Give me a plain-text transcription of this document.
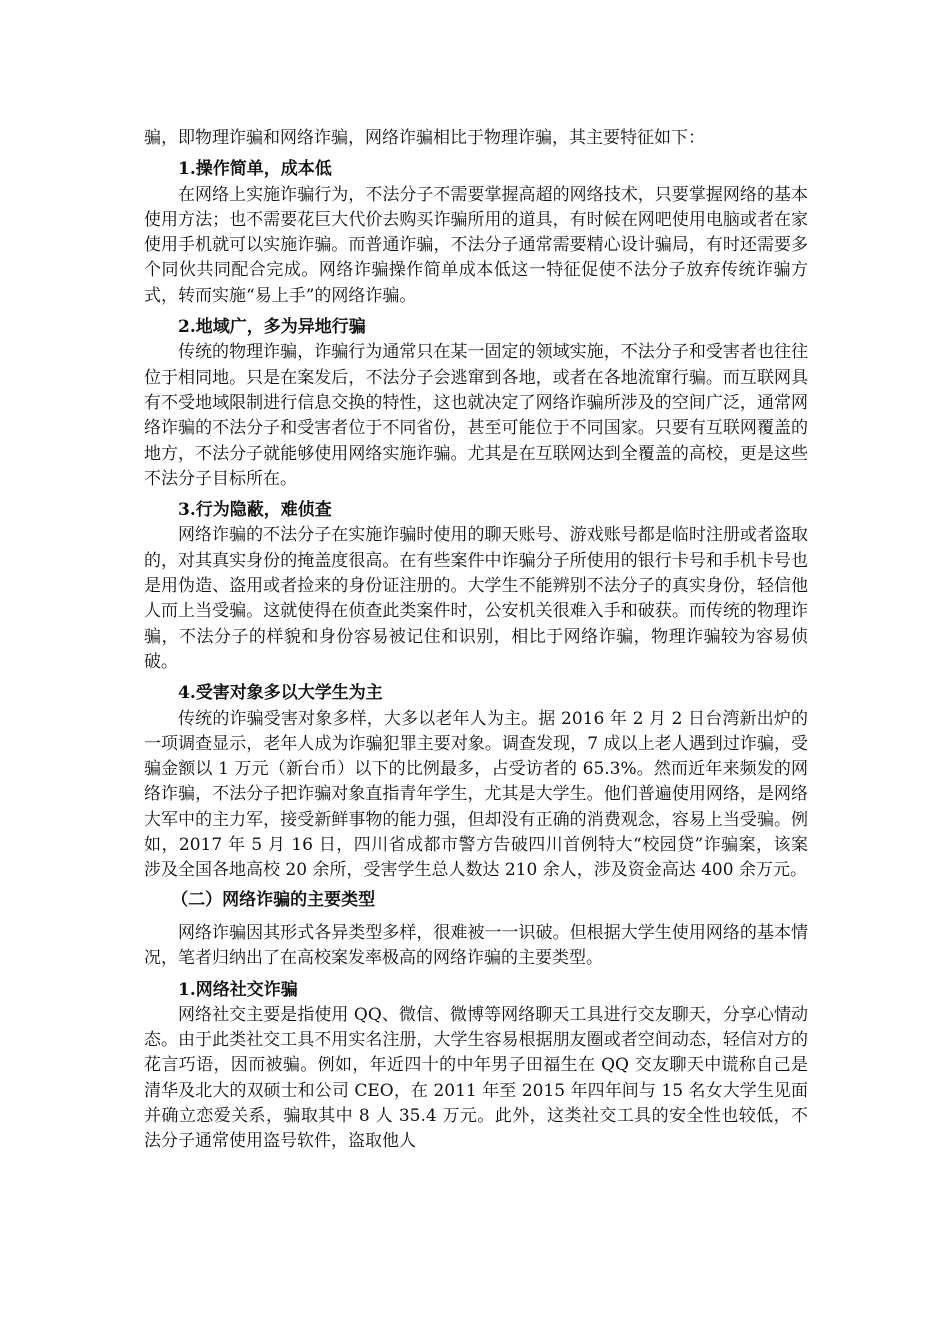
骗，即物理诈骗和网络诈骗，网络诈骗相比于物理诈骗，其主要特征如下：

1.操作简单，成本低

在网络上实施诈骗行为，不法分子不需要掌握高超的网络技术，只要掌握网络的基本使用方法；也不需要花巨大代价去购买诈骗所用的道具，有时候在网吧使用电脑或者在家使用手机就可以实施诈骗。而普通诈骗，不法分子通常需要精心设计骗局，有时还需要多个同伙共同配合完成。网络诈骗操作简单成本低这一特征促使不法分子放弃传统诈骗方式，转而实施“易上手”的网络诈骗。

2.地域广，多为异地行骗

传统的物理诈骗，诈骗行为通常只在某一固定的领域实施，不法分子和受害者也往往位于相同地。只是在案发后，不法分子会逃窜到各地，或者在各地流窜行骗。而互联网具有不受地域限制进行信息交换的特性，这也就决定了网络诈骗所涉及的空间广泛，通常网络诈骗的不法分子和受害者位于不同省份，甚至可能位于不同国家。只要有互联网覆盖的地方，不法分子就能够使用网络实施诈骗。尤其是在互联网达到全覆盖的高校，更是这些不法分子目标所在。

3.行为隐蔽，难侦查

网络诈骗的不法分子在实施诈骗时使用的聊天账号、游戏账号都是临时注册或者盗取的，对其真实身份的掩盖度很高。在有些案件中诈骗分子所使用的银行卡号和手机卡号也是用伪造、盗用或者捡来的身份证注册的。大学生不能辨别不法分子的真实身份，轻信他人而上当受骗。这就使得在侦查此类案件时，公安机关很难入手和破获。而传统的物理诈骗，不法分子的样貌和身份容易被记住和识别，相比于网络诈骗，物理诈骗较为容易侦破。

4.受害对象多以大学生为主

传统的诈骗受害对象多样，大多以老年人为主。据 2016 年 2 月 2 日台湾新出炉的一项调查显示，老年人成为诈骗犯罪主要对象。调查发现，7 成以上老人遇到过诈骗，受骗金额以 1 万元（新台币）以下的比例最多，占受访者的 65.3%。然而近年来频发的网络诈骗，不法分子把诈骗对象直指青年学生，尤其是大学生。他们普遍使用网络，是网络大军中的主力军，接受新鲜事物的能力强，但却没有正确的消费观念，容易上当受骗。例如，2017 年 5 月 16 日，四川省成都市警方告破四川首例特大“校园贷”诈骗案，该案涉及全国各地高校 20 余所，受害学生总人数达 210 余人，涉及资金高达 400 余万元。

（二）网络诈骗的主要类型

网络诈骗因其形式各异类型多样，很难被一一识破。但根据大学生使用网络的基本情况，笔者归纳出了在高校案发率极高的网络诈骗的主要类型。

1.网络社交诈骗

网络社交主要是指使用 QQ、微信、微博等网络聊天工具进行交友聊天，分享心情动态。由于此类社交工具不用实名注册，大学生容易根据朋友圈或者空间动态，轻信对方的花言巧语，因而被骗。例如，年近四十的中年男子田福生在 QQ 交友聊天中谎称自己是清华及北大的双硕士和公司 CEO，在 2011 年至 2015 年四年间与 15 名女大学生见面并确立恋爱关系，骗取其中 8 人 35.4 万元。此外，这类社交工具的安全性也较低，不法分子通常使用盗号软件，盗取他人
